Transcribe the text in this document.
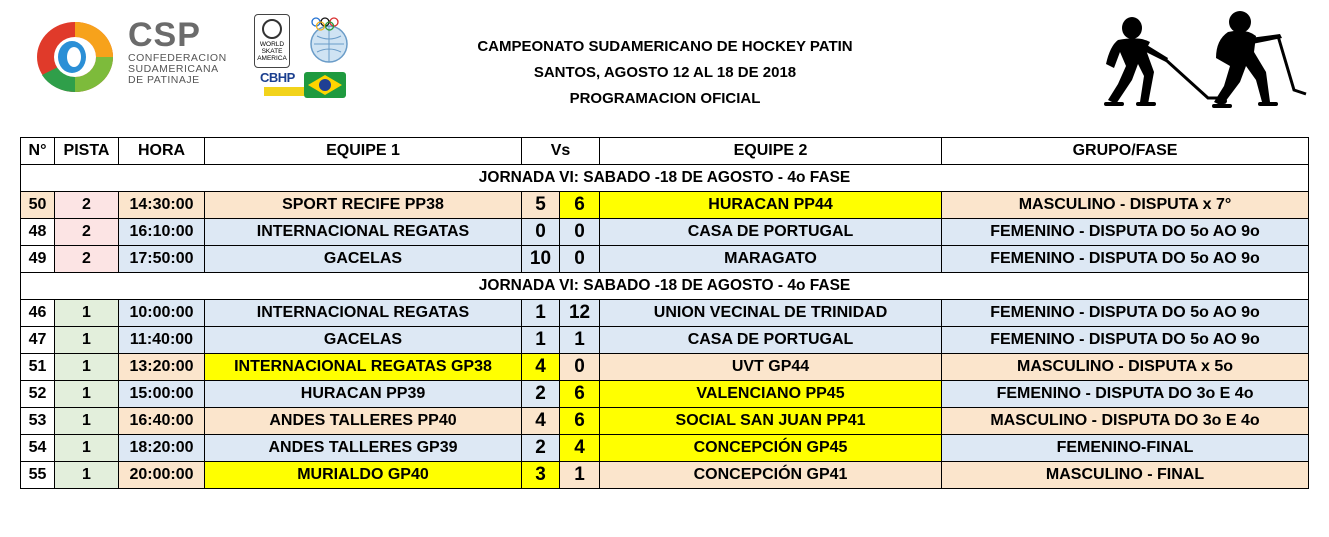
CSP
CONFEDERACION
SUDAMERICANA
DE PATINAJE
WORLD
SKATE
AMERICA
CBHP
CAMPEONATO SUDAMERICANO DE HOCKEY PATIN
SANTOS, AGOSTO 12 AL 18 DE 2018
PROGRAMACION OFICIAL
N°	PISTA	HORA	EQUIPE 1	Vs		EQUIPE 2	GRUPO/FASE
JORNADA VI: SABADO -18 DE AGOSTO - 4o FASE							
50	2	14:30:00	SPORT RECIFE PP38	5	6	HURACAN PP44	MASCULINO - DISPUTA x 7°
48	2	16:10:00	INTERNACIONAL REGATAS	0	0	CASA DE PORTUGAL	FEMENINO - DISPUTA DO 5o AO 9o
49	2	17:50:00	GACELAS	10	0	MARAGATO	FEMENINO - DISPUTA DO 5o AO 9o
JORNADA VI: SABADO -18 DE AGOSTO - 4o FASE							
46	1	10:00:00	INTERNACIONAL REGATAS	1	12	UNION VECINAL DE TRINIDAD	FEMENINO - DISPUTA DO 5o AO 9o
47	1	11:40:00	GACELAS	1	1	CASA DE PORTUGAL	FEMENINO - DISPUTA DO 5o AO 9o
51	1	13:20:00	INTERNACIONAL REGATAS GP38	4	0	UVT GP44	MASCULINO - DISPUTA x 5o
52	1	15:00:00	HURACAN PP39	2	6	VALENCIANO PP45	FEMENINO - DISPUTA DO 3o E 4o
53	1	16:40:00	ANDES TALLERES PP40	4	6	SOCIAL SAN JUAN PP41	MASCULINO - DISPUTA DO 3o E 4o
54	1	18:20:00	ANDES TALLERES GP39	2	4	CONCEPCIÓN GP45	FEMENINO-FINAL
55	1	20:00:00	MURIALDO GP40	3	1	CONCEPCIÓN GP41	MASCULINO - FINAL
